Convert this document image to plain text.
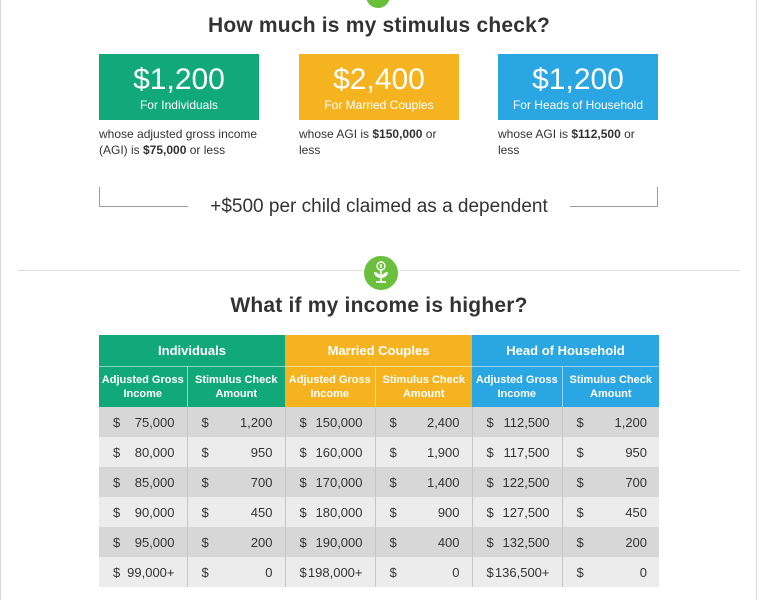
How much is my stimulus check?
$1,200
For Individuals
$2,400
For Married Couples
$1,200
For Heads of Household
whose adjusted gross income (AGI) is $75,000 or less
whose AGI is $150,000 or less
whose AGI is $112,500 or less
+$500 per child claimed as a dependent
What if my income is higher?
Individuals		Married Couples		Head of Household	
Adjusted Gross Income	Stimulus Check Amount	Adjusted Gross Income	Stimulus Check Amount	Adjusted Gross Income	Stimulus Check Amount

$ 75,000	$ 1,200	$ 150,000	$ 2,400	$ 112,500	$ 1,200

$ 80,000	$ 950	$ 160,000	$ 1,900	$ 117,500	$ 950

$ 85,000	$ 700	$ 170,000	$ 1,400	$ 122,500	$ 700

$ 90,000	$ 450	$ 180,000	$ 900	$ 127,500	$ 450

$ 95,000	$ 200	$ 190,000	$ 400	$ 132,500	$ 200

$ 99,000+	$ 0	$ 198,000+	$ 0	$ 136,500+	$ 0
